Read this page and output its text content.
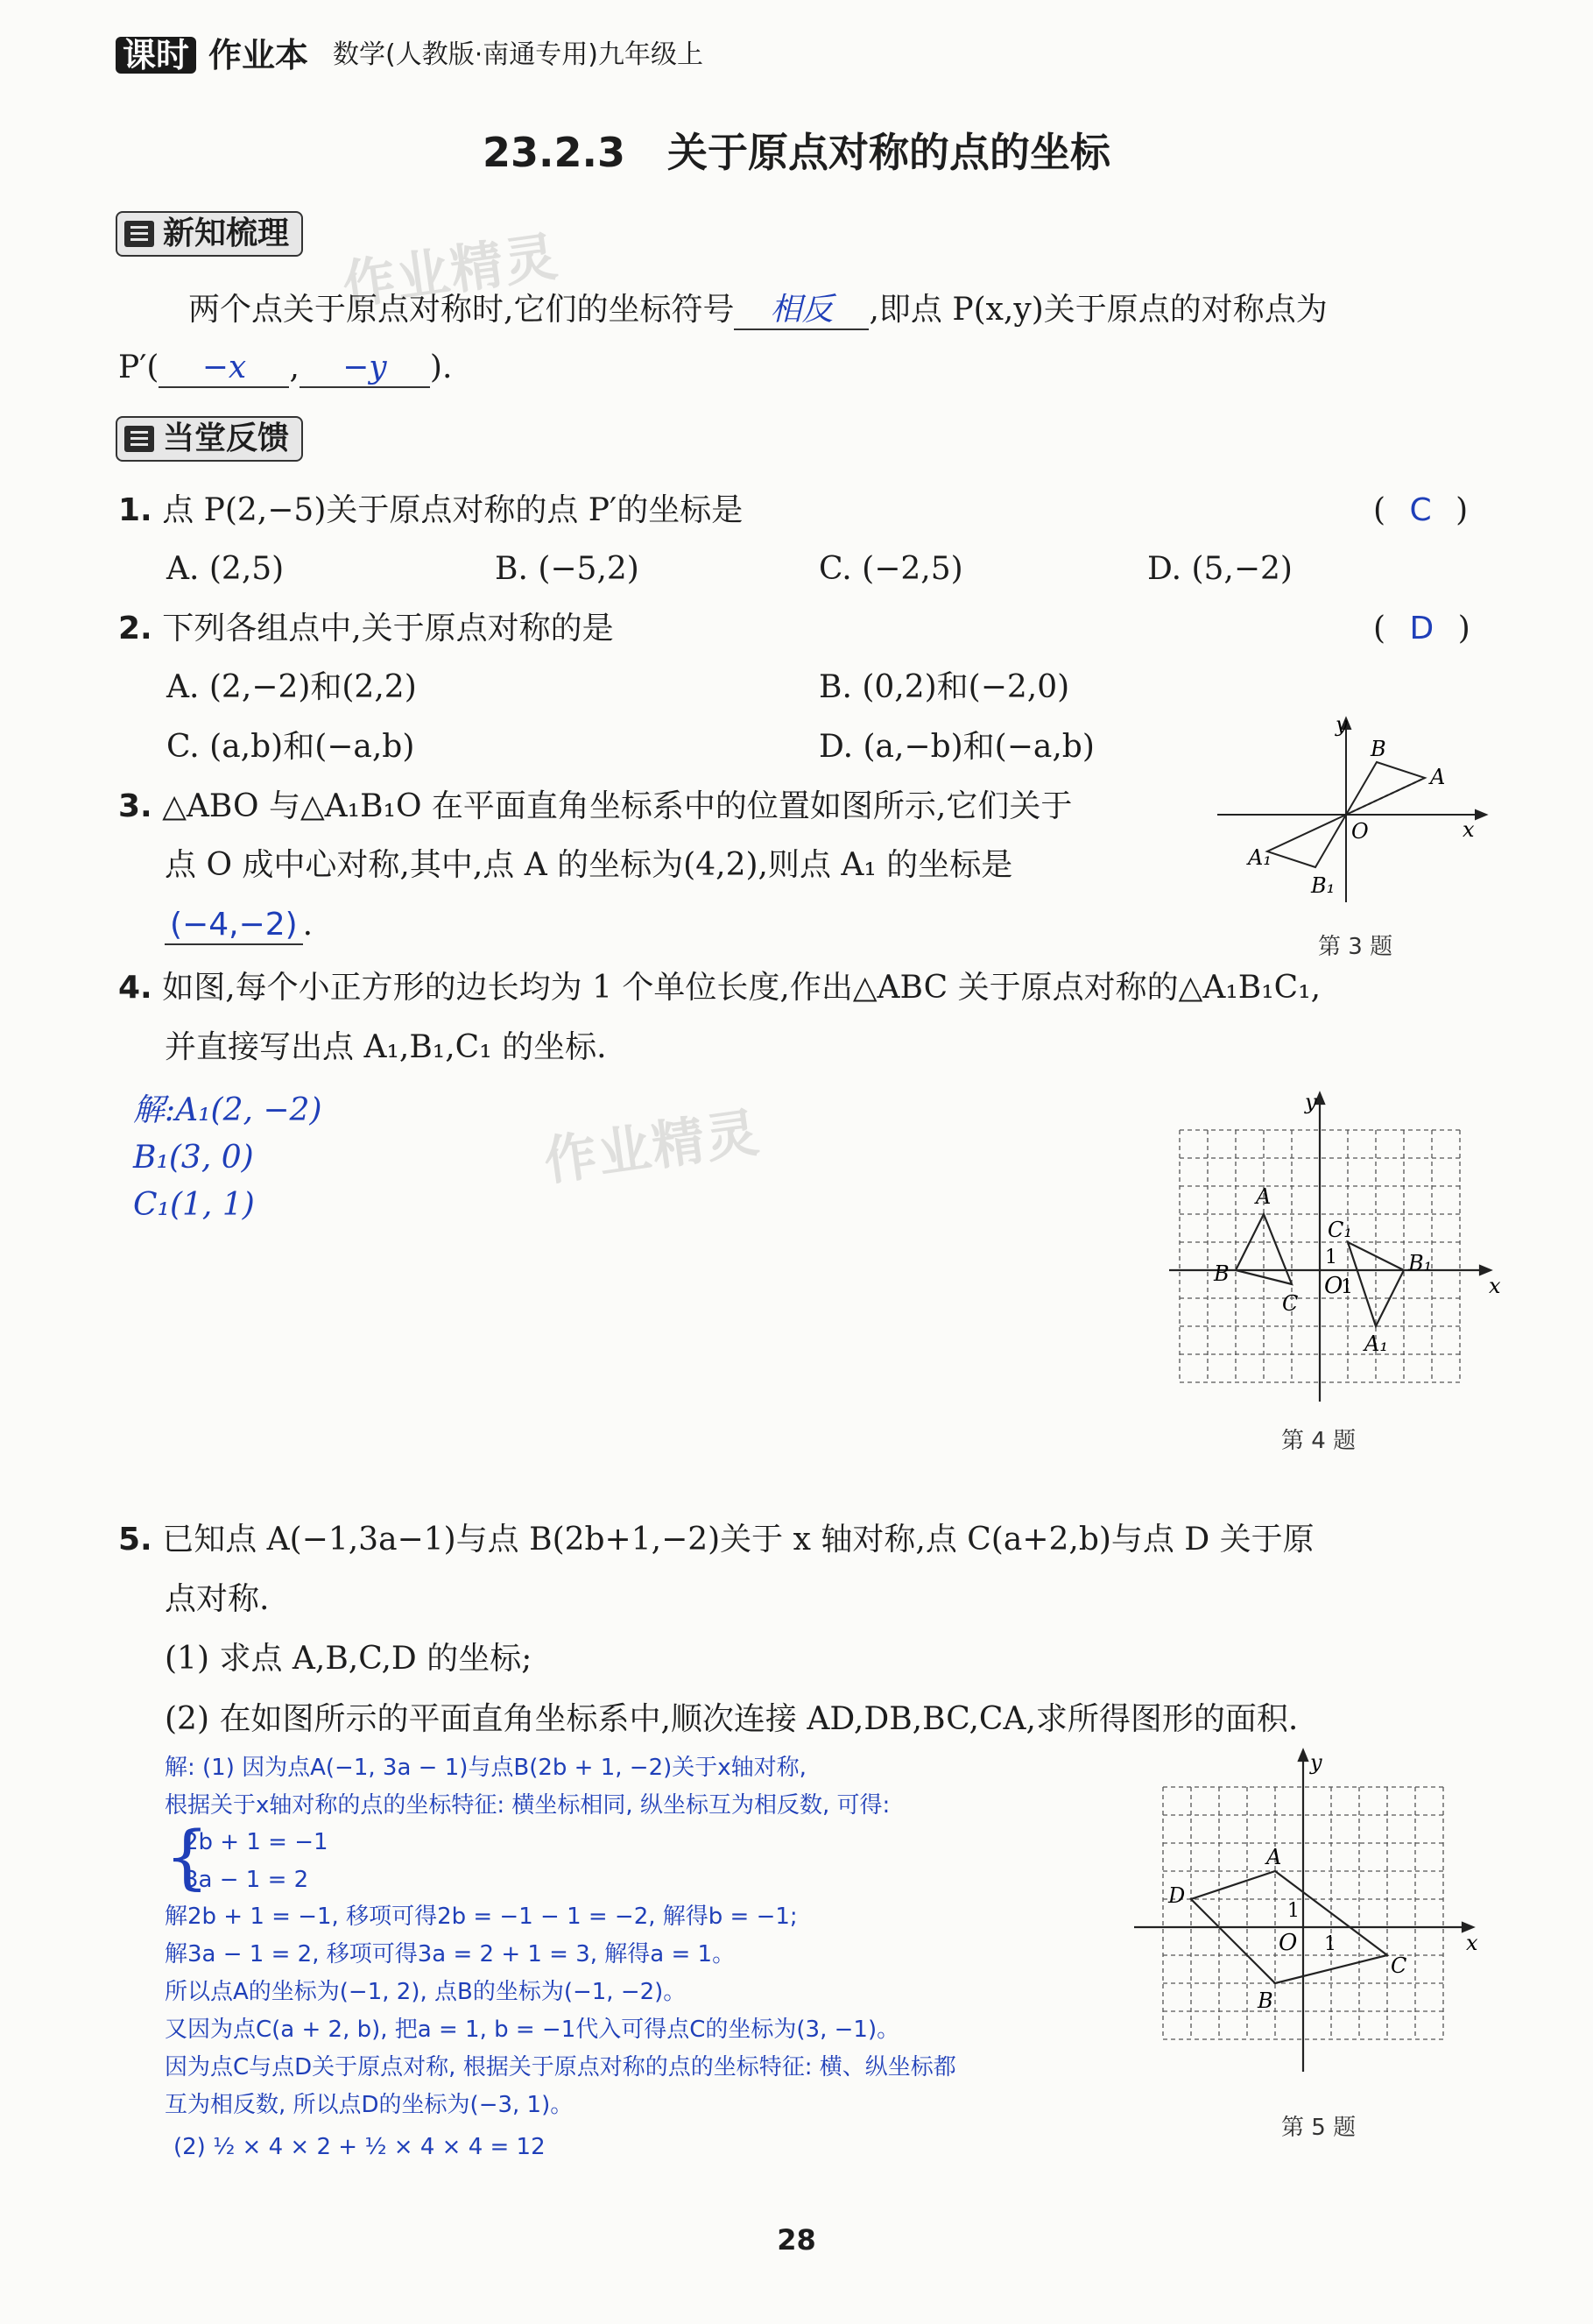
课时 作业本 数学(人教版·南通专用)九年级上
23.2.3   关于原点对称的点的坐标
新知梳理 作业精灵
两个点关于原点对称时,它们的坐标符号 相反 ,即点 P(x,y)关于原点的对称点为
P′( −x , −y ).
当堂反馈
1. 点 P(2,−5)关于原点对称的点 P′的坐标是	( C )
A. (2,5)	B. (−5,2)	C. (−2,5)	D. (5,−2)
2. 下列各组点中,关于原点对称的是	( D )
A. (2,−2)和(2,2)	B. (0,2)和(−2,0)
C. (a,b)和(−a,b)	D. (a,−b)和(−a,b)
3. △ABO 与△A₁B₁O 在平面直角坐标系中的位置如图所示,它们关于
点 O 成中心对称,其中,点 A 的坐标为(4,2),则点 A₁ 的坐标是
(−4,−2) .
y
x
O
A
B
A₁
B₁
第 3 题
4. 如图,每个小正方形的边长均为 1 个单位长度,作出△ABC 关于原点对称的△A₁B₁C₁,
并直接写出点 A₁,B₁,C₁ 的坐标.
解:A₁(2, −2)
B₁(3, 0)
C₁(1, 1)
作业精灵
y
x
O
1
1
A
B
C
A₁
B₁
C₁
第 4 题
5. 已知点 A(−1,3a−1)与点 B(2b+1,−2)关于 x 轴对称,点 C(a+2,b)与点 D 关于原
点对称.
(1) 求点 A,B,C,D 的坐标;
(2) 在如图所示的平面直角坐标系中,顺次连接 AD,DB,BC,CA,求所得图形的面积.
解: (1) 因为点A(−1, 3a − 1)与点B(2b + 1, −2)关于x轴对称,
根据关于x轴对称的点的坐标特征: 横坐标相同, 纵坐标互为相反数, 可得:
{
2b + 1 = −1
3a − 1 = 2
解2b + 1 = −1, 移项可得2b = −1 − 1 = −2, 解得b = −1;
解3a − 1 = 2, 移项可得3a = 2 + 1 = 3, 解得a = 1。
所以点A的坐标为(−1, 2), 点B的坐标为(−1, −2)。
又因为点C(a + 2, b), 把a = 1, b = −1代入可得点C的坐标为(3, −1)。
因为点C与点D关于原点对称, 根据关于原点对称的点的坐标特征: 横、纵坐标都
互为相反数, 所以点D的坐标为(−3, 1)。
(2) ½ × 4 × 2 + ½ × 4 × 4 = 12
y
x
O 1
1
A
B
C
D
第 5 题
28
